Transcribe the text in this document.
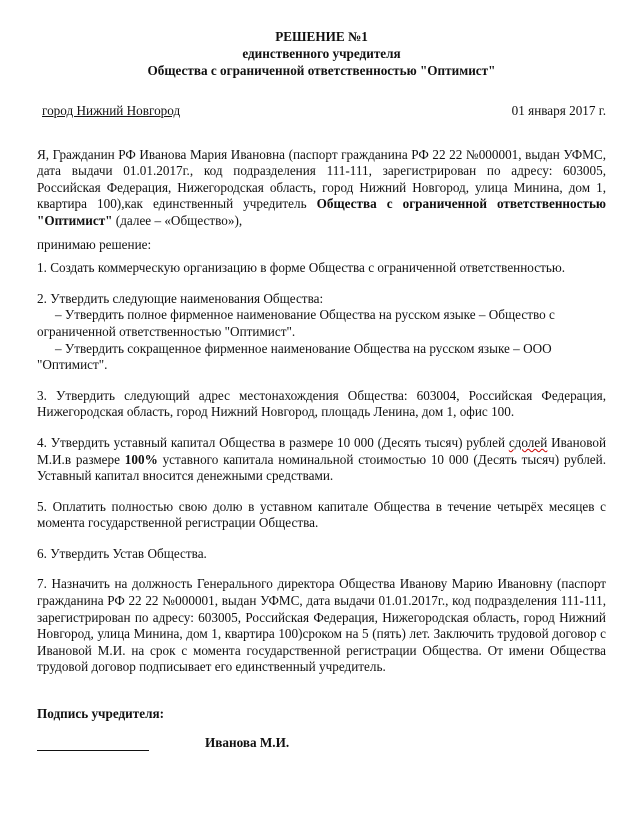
РЕШЕНИЕ №1
единственного учредителя
Общества с ограниченной ответственностью "Оптимист"
город Нижний Новгород	01 января 2017 г.

Я, Гражданин РФ Иванова Мария Ивановна (паспорт гражданина РФ 22 22 №000001, выдан УФМС, дата выдачи 01.01.2017г., код подразделения 111-111, зарегистрирован по адресу: 603005, Российская Федерация, Нижегородская область, город Нижний Новгород, улица Минина, дом 1, квартира 100),как единственный учредитель Общества с ограниченной ответственностью "Оптимист" (далее – «Общество»),

принимаю решение:

1. Создать коммерческую организацию в форме Общества с ограниченной ответственностью.

2. Утвердить следующие наименования Общества:

– Утвердить полное фирменное наименование Общества на русском языке – Общество с

ограниченной ответственностью "Оптимист".

– Утвердить сокращенное фирменное наименование Общества на русском языке – ООО

"Оптимист".

3. Утвердить следующий адрес местонахождения Общества: 603004, Российская Федерация, Нижегородская область, город Нижний Новгород, площадь Ленина, дом 1, офис 100.

4. Утвердить уставный капитал Общества в размере 10 000 (Десять тысяч) рублей сдолей Ивановой М.И.в размере 100% уставного капитала номинальной стоимостью 10 000 (Десять тысяч) рублей. Уставный капитал вносится денежными средствами.

5. Оплатить полностью свою долю в уставном капитале Общества в течение четырёх месяцев с момента государственной регистрации Общества.

6. Утвердить Устав Общества.

7. Назначить на должность Генерального директора Общества Иванову Марию Ивановну (паспорт гражданина РФ 22 22 №000001, выдан УФМС, дата выдачи 01.01.2017г., код подразделения 111-111, зарегистрирован по адресу: 603005, Российская Федерация, Нижегородская область, город Нижний Новгород, улица Минина, дом 1, квартира 100)сроком на 5 (пять) лет. Заключить трудовой договор с Ивановой М.И. на срок с момента государственной регистрации Общества. От имени Общества трудовой договор подписывает его единственный учредитель.

Подпись учредителя:
Иванова М.И.
